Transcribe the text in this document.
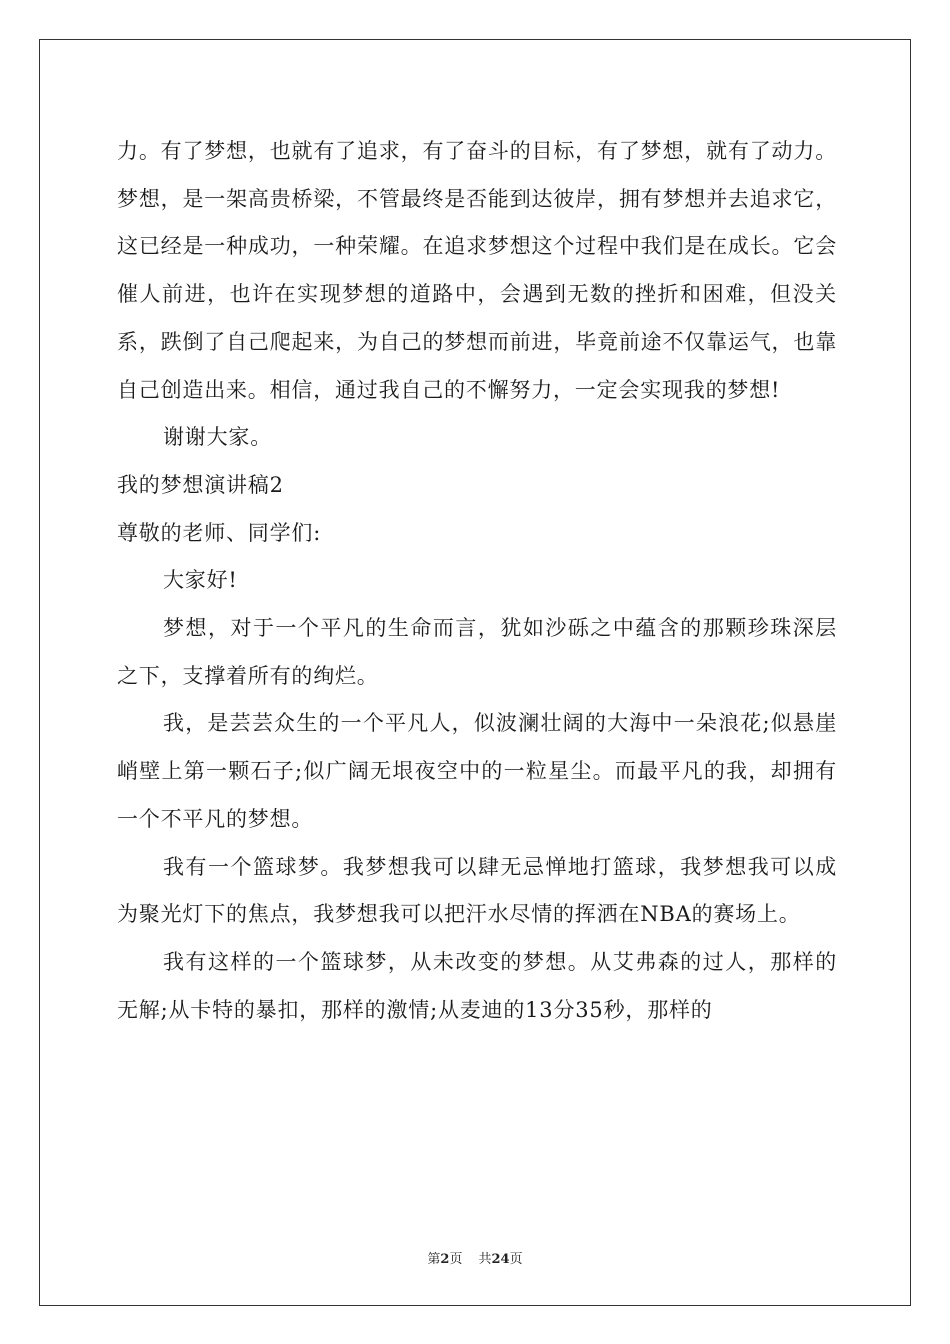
力。有了梦想，也就有了追求，有了奋斗的目标，有了梦想，就有了动力。梦想，是一架高贵桥梁，不管最终是否能到达彼岸，拥有梦想并去追求它，这已经是一种成功，一种荣耀。在追求梦想这个过程中我们是在成长。它会催人前进，也许在实现梦想的道路中，会遇到无数的挫折和困难，但没关系，跌倒了自己爬起来，为自己的梦想而前进，毕竟前途不仅靠运气，也靠自己创造出来。相信，通过我自己的不懈努力，一定会实现我的梦想!

谢谢大家。

我的梦想演讲稿2

尊敬的老师、同学们:

大家好!

梦想，对于一个平凡的生命而言，犹如沙砾之中蕴含的那颗珍珠深层之下，支撑着所有的绚烂。

我，是芸芸众生的一个平凡人，似波澜壮阔的大海中一朵浪花;似悬崖峭壁上第一颗石子;似广阔无垠夜空中的一粒星尘。而最平凡的我，却拥有一个不平凡的梦想。

我有一个篮球梦。我梦想我可以肆无忌惮地打篮球，我梦想我可以成为聚光灯下的焦点，我梦想我可以把汗水尽情的挥洒在NBA的赛场上。

我有这样的一个篮球梦，从未改变的梦想。从艾弗森的过人，那样的无解;从卡特的暴扣，那样的激情;从麦迪的13分35秒，那样的

第2页 共24页
